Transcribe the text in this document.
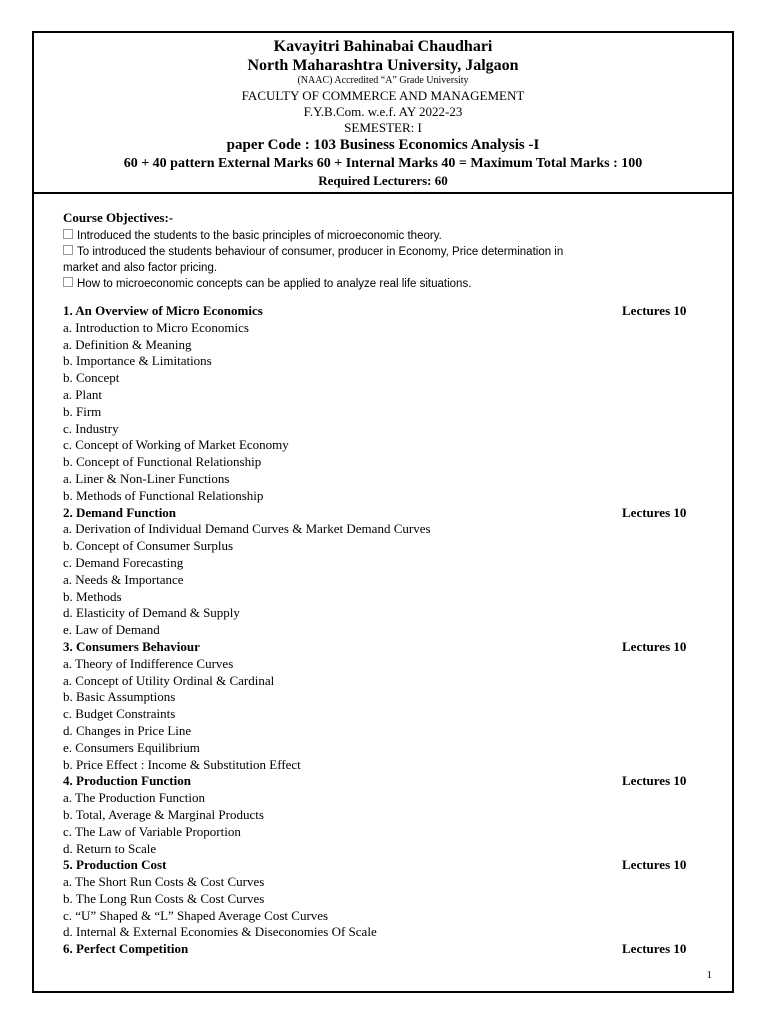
Kavayitri Bahinabai Chaudhari
North Maharashtra University, Jalgaon
(NAAC) Accredited “A” Grade University
FACULTY OF COMMERCE AND MANAGEMENT
F.Y.B.Com. w.e.f. AY 2022-23
SEMESTER: I
paper Code : 103 Business Economics Analysis -I
60 + 40 pattern External Marks 60 + Internal Marks 40 = Maximum Total Marks : 100
Required Lecturers: 60
Course Objectives:-
Introduced the students to the basic principles of microeconomic theory.
To introduced the students behaviour of consumer, producer in Economy, Price determination in
market and also factor pricing.
How to microeconomic concepts can be applied to analyze real life situations.
1. An Overview of Micro Economics	Lectures 10
a. Introduction to Micro Economics
a. Definition & Meaning
b. Importance & Limitations
b. Concept
a. Plant
b. Firm
c. Industry
c. Concept of Working of Market Economy
b. Concept of Functional Relationship
a. Liner & Non-Liner Functions
b. Methods of Functional Relationship
2. Demand Function	Lectures 10
a. Derivation of Individual Demand Curves & Market Demand Curves
b. Concept of Consumer Surplus
c. Demand Forecasting
a. Needs & Importance
b. Methods
d. Elasticity of Demand & Supply
e. Law of Demand
3. Consumers Behaviour	Lectures 10
a. Theory of Indifference Curves
a. Concept of Utility Ordinal & Cardinal
b. Basic Assumptions
c. Budget Constraints
d. Changes in Price Line
e. Consumers Equilibrium
b. Price Effect : Income & Substitution Effect
4. Production Function	Lectures 10
a. The Production Function
b. Total, Average & Marginal Products
c. The Law of Variable Proportion
d. Return to Scale
5. Production Cost	Lectures 10
a. The Short Run Costs & Cost Curves
b. The Long Run Costs & Cost Curves
c. “U” Shaped & “L” Shaped Average Cost Curves
d. Internal & External Economies & Diseconomies Of Scale
6. Perfect Competition	Lectures 10
1
